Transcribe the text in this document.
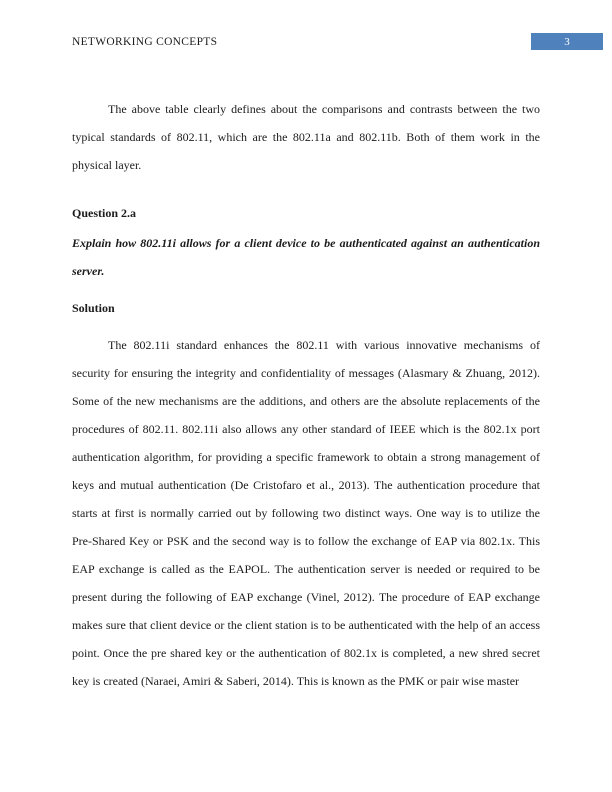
NETWORKING CONCEPTS	3

The above table clearly defines about the comparisons and contrasts between the two typical standards of 802.11, which are the 802.11a and 802.11b. Both of them work in the physical layer.

Question 2.a

Explain how 802.11i allows for a client device to be authenticated against an authentication server.

Solution

The 802.11i standard enhances the 802.11 with various innovative mechanisms of security for ensuring the integrity and confidentiality of messages (Alasmary & Zhuang, 2012). Some of the new mechanisms are the additions, and others are the absolute replacements of the procedures of 802.11. 802.11i also allows any other standard of IEEE which is the 802.1x port authentication algorithm, for providing a specific framework to obtain a strong management of keys and mutual authentication (De Cristofaro et al., 2013). The authentication procedure that starts at first is normally carried out by following two distinct ways. One way is to utilize the Pre-Shared Key or PSK and the second way is to follow the exchange of EAP via 802.1x. This EAP exchange is called as the EAPOL. The authentication server is needed or required to be present during the following of EAP exchange (Vinel, 2012). The procedure of EAP exchange makes sure that client device or the client station is to be authenticated with the help of an access point. Once the pre shared key or the authentication of 802.1x is completed, a new shred secret key is created (Naraei, Amiri & Saberi, 2014). This is known as the PMK or pair wise master
